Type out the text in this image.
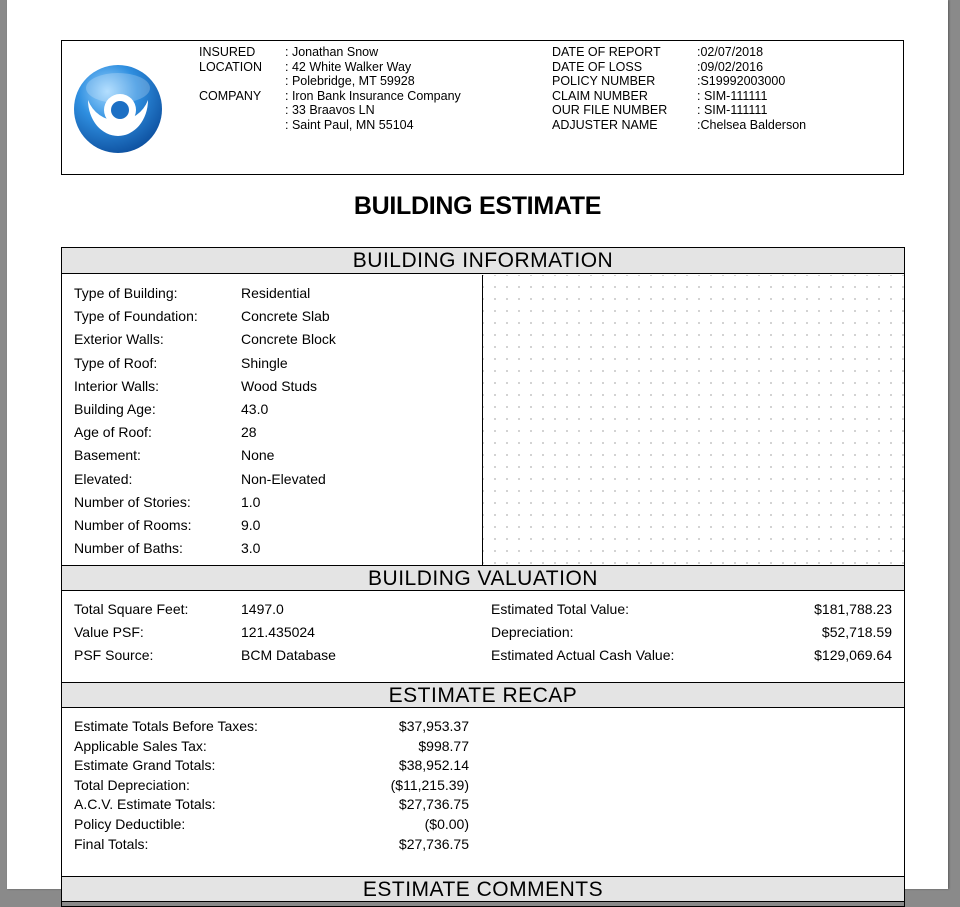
INSURED	: Jonathan Snow
LOCATION	: 42 White Walker Way
: Polebridge, MT 59928
COMPANY	: Iron Bank Insurance Company
: 33 Braavos LN
: Saint Paul, MN 55104
DATE OF REPORT	:02/07/2018
DATE OF LOSS	:09/02/2016
POLICY NUMBER	:S19992003000
CLAIM NUMBER	: SIM-111111
OUR FILE NUMBER	: SIM-111111
ADJUSTER NAME	:Chelsea Balderson
BUILDING ESTIMATE
BUILDING INFORMATION
Type of Building:	Residential
Type of Foundation:	Concrete Slab
Exterior Walls:	Concrete Block
Type of Roof:	Shingle
Interior Walls:	Wood Studs
Building Age:	43.0
Age of Roof:	28
Basement:	None
Elevated:	Non-Elevated
Number of Stories:	1.0
Number of Rooms:	9.0
Number of Baths:	3.0
BUILDING VALUATION
Total Square Feet:	1497.0	Estimated Total Value:	$181,788.23
Value PSF:	121.435024	Depreciation:	$52,718.59
PSF Source:	BCM Database	Estimated Actual Cash Value:	$129,069.64
ESTIMATE RECAP
Estimate Totals Before Taxes:	$37,953.37
Applicable Sales Tax:	$998.77
Estimate Grand Totals:	$38,952.14
Total Depreciation:	($11,215.39)
A.C.V. Estimate Totals:	$27,736.75
Policy Deductible:	($0.00)
Final Totals:	$27,736.75
ESTIMATE COMMENTS
